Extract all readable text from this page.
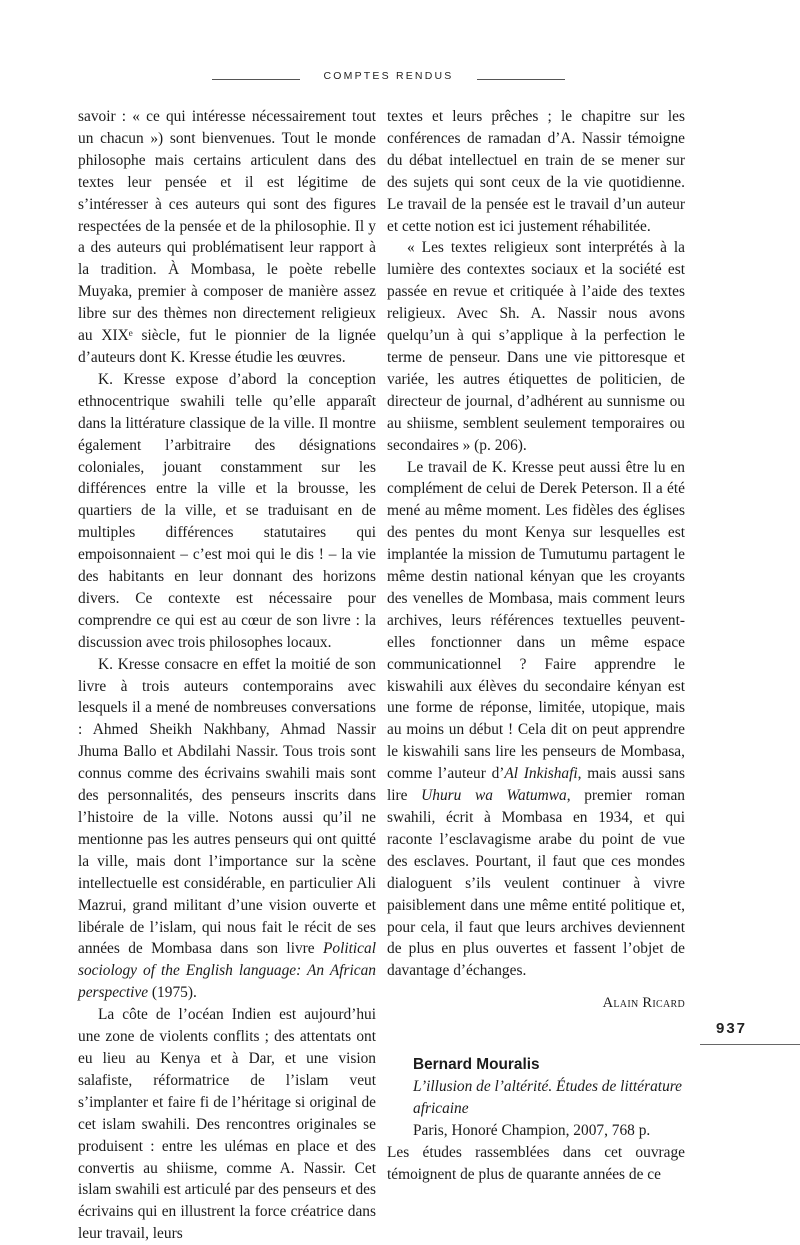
COMPTES RENDUS

savoir : « ce qui intéresse nécessairement tout un chacun ») sont bienvenues. Tout le monde philosophe mais certains articulent dans des textes leur pensée et il est légitime de s’intéresser à ces auteurs qui sont des figures respectées de la pensée et de la philosophie. Il y a des auteurs qui problématisent leur rapport à la tradition. À Mombasa, le poète rebelle Muyaka, premier à composer de manière assez libre sur des thèmes non directement religieux au XIXᵉ siècle, fut le pionnier de la lignée d’auteurs dont K. Kresse étudie les œuvres.

K. Kresse expose d’abord la conception ethnocentrique swahili telle qu’elle apparaît dans la littérature classique de la ville. Il montre également l’arbitraire des désignations coloniales, jouant constamment sur les différences entre la ville et la brousse, les quartiers de la ville, et se traduisant en de multiples différences statutaires qui empoisonnaient – c’est moi qui le dis ! – la vie des habitants en leur donnant des horizons divers. Ce contexte est nécessaire pour comprendre ce qui est au cœur de son livre : la discussion avec trois philosophes locaux.

K. Kresse consacre en effet la moitié de son livre à trois auteurs contemporains avec lesquels il a mené de nombreuses conversations : Ahmed Sheikh Nakhbany, Ahmad Nassir Jhuma Ballo et Abdilahi Nassir. Tous trois sont connus comme des écrivains swahili mais sont des personnalités, des penseurs inscrits dans l’histoire de la ville. Notons aussi qu’il ne mentionne pas les autres penseurs qui ont quitté la ville, mais dont l’importance sur la scène intellectuelle est considérable, en particulier Ali Mazrui, grand militant d’une vision ouverte et libérale de l’islam, qui nous fait le récit de ses années de Mombasa dans son livre Political sociology of the English language: An African perspective (1975).

La côte de l’océan Indien est aujourd’hui une zone de violents conflits ; des attentats ont eu lieu au Kenya et à Dar, et une vision salafiste, réformatrice de l’islam veut s’implanter et faire fi de l’héritage si original de cet islam swahili. Des rencontres originales se produisent : entre les ulémas en place et des convertis au shiisme, comme A. Nassir. Cet islam swahili est articulé par des penseurs et des écrivains qui en illustrent la force créatrice dans leur travail, leurs

textes et leurs prêches ; le chapitre sur les conférences de ramadan d’A. Nassir témoigne du débat intellectuel en train de se mener sur des sujets qui sont ceux de la vie quotidienne. Le travail de la pensée est le travail d’un auteur et cette notion est ici justement réhabilitée.

« Les textes religieux sont interprétés à la lumière des contextes sociaux et la société est passée en revue et critiquée à l’aide des textes religieux. Avec Sh. A. Nassir nous avons quelqu’un à qui s’applique à la perfection le terme de penseur. Dans une vie pittoresque et variée, les autres étiquettes de politicien, de directeur de journal, d’adhérent au sunnisme ou au shiisme, semblent seulement temporaires ou secondaires » (p. 206).

Le travail de K. Kresse peut aussi être lu en complément de celui de Derek Peterson. Il a été mené au même moment. Les fidèles des églises des pentes du mont Kenya sur lesquelles est implantée la mission de Tumutumu partagent le même destin national kényan que les croyants des venelles de Mombasa, mais comment leurs archives, leurs références textuelles peuvent-elles fonctionner dans un même espace communicationnel ? Faire apprendre le kiswahili aux élèves du secondaire kényan est une forme de réponse, limitée, utopique, mais au moins un début ! Cela dit on peut apprendre le kiswahili sans lire les penseurs de Mombasa, comme l’auteur d’Al Inkishafi, mais aussi sans lire Uhuru wa Watumwa, premier roman swahili, écrit à Mombasa en 1934, et qui raconte l’esclavagisme arabe du point de vue des esclaves. Pourtant, il faut que ces mondes dialoguent s’ils veulent continuer à vivre paisiblement dans une même entité politique et, pour cela, il faut que leurs archives deviennent de plus en plus ouvertes et fassent l’objet de davantage d’échanges.

Alain Ricard
Bernard Mouralis
L’illusion de l’altérité. Études de littérature africaine
Paris, Honoré Champion, 2007, 768 p.

Les études rassemblées dans cet ouvrage témoignent de plus de quarante années de ce

937
